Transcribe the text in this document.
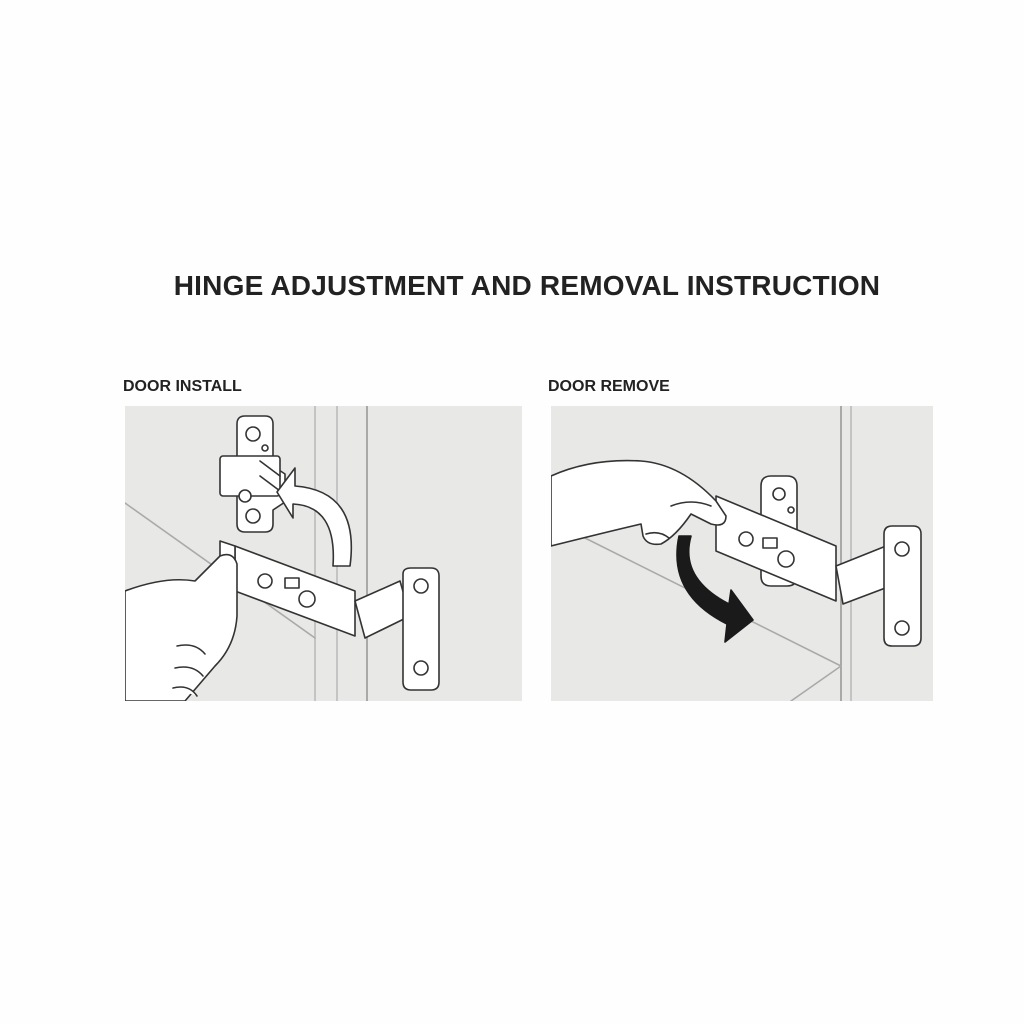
HINGE ADJUSTMENT AND REMOVAL INSTRUCTION
DOOR INSTALL	DOOR REMOVE
